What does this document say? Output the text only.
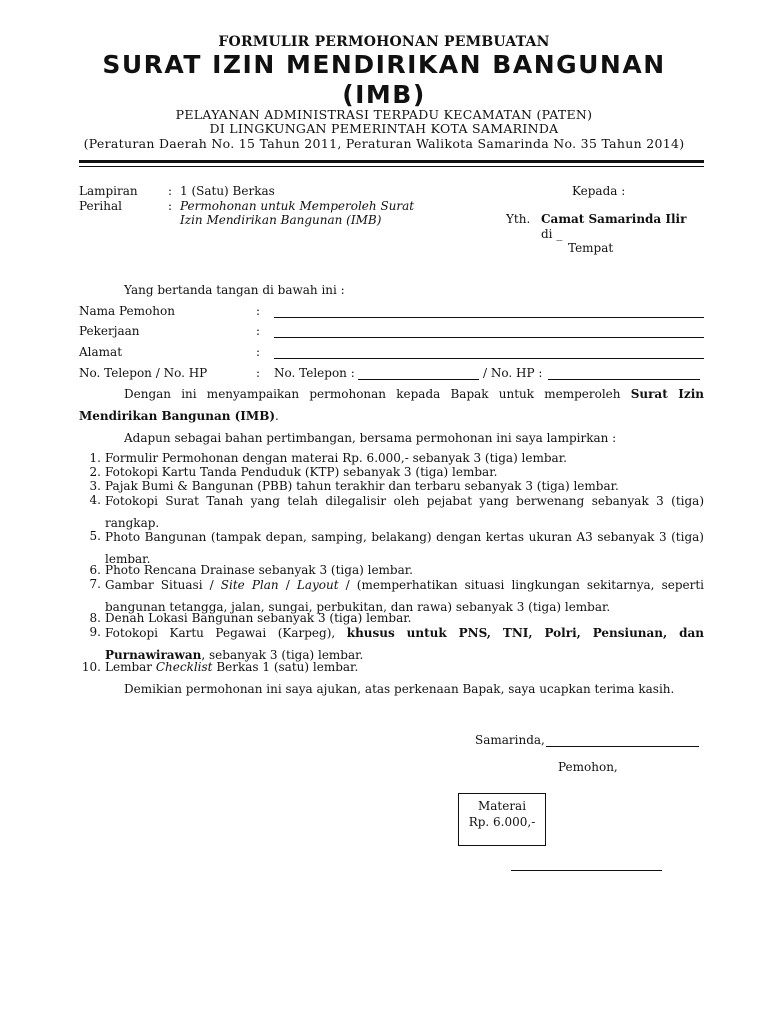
FORMULIR PERMOHONAN PEMBUATAN
SURAT IZIN MENDIRIKAN BANGUNAN
(IMB)
PELAYANAN ADMINISTRASI TERPADU KECAMATAN (PATEN)
DI LINGKUNGAN PEMERINTAH KOTA SAMARINDA
(Peraturan Daerah No. 15 Tahun 2011, Peraturan Walikota Samarinda No. 35 Tahun 2014)
Lampiran	: 1 (Satu) Berkas
Perihal	: Permohonan untuk Memperoleh Surat
Izin Mendirikan Bangunan (IMB)
Kepada :
Yth. Camat Samarinda Ilir
di _
Tempat
Yang bertanda tangan di bawah ini :
Nama Pemohon	:
Pekerjaan	:
Alamat	:
No. Telepon / No. HP	: No. Telepon :	/ No. HP :
Dengan ini menyampaikan permohonan kepada Bapak untuk memperoleh Surat Izin Mendirikan Bangunan (IMB).
Adapun sebagai bahan pertimbangan, bersama permohonan ini saya lampirkan :
1. Formulir Permohonan dengan materai Rp. 6.000,- sebanyak 3 (tiga) lembar.
2. Fotokopi Kartu Tanda Penduduk (KTP) sebanyak 3 (tiga) lembar.
3. Pajak Bumi & Bangunan (PBB) tahun terakhir dan terbaru sebanyak 3 (tiga) lembar.
4. Fotokopi Surat Tanah yang telah dilegalisir oleh pejabat yang berwenang sebanyak 3 (tiga) rangkap.
5. Photo Bangunan (tampak depan, samping, belakang) dengan kertas ukuran A3 sebanyak 3 (tiga) lembar.
6. Photo Rencana Drainase sebanyak 3 (tiga) lembar.
7. Gambar Situasi / Site Plan / Layout / (memperhatikan situasi lingkungan sekitarnya, seperti bangunan tetangga, jalan, sungai, perbukitan, dan rawa) sebanyak 3 (tiga) lembar.
8. Denah Lokasi Bangunan sebanyak 3 (tiga) lembar.
9. Fotokopi Kartu Pegawai (Karpeg), khusus untuk PNS, TNI, Polri, Pensiunan, dan Purnawirawan, sebanyak 3 (tiga) lembar.
10. Lembar Checklist Berkas 1 (satu) lembar.
Demikian permohonan ini saya ajukan, atas perkenaan Bapak, saya ucapkan terima kasih.
Samarinda,
Pemohon,
Materai
Rp. 6.000,-
